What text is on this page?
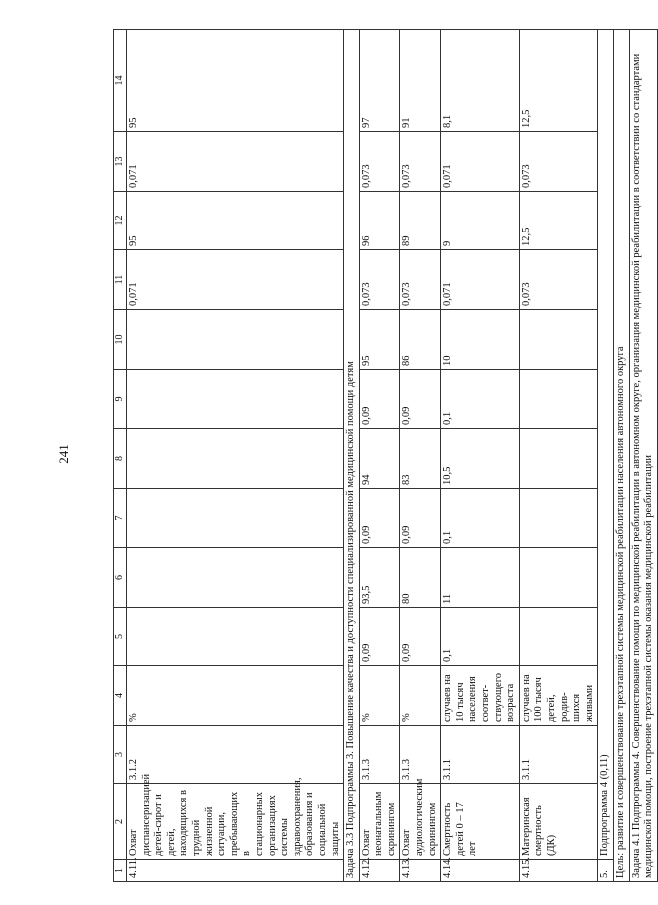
241
1	2	3	4	5	6	7	8	9	10	11	12	13	14
4.11.	Охват диспансеризацией детей-сирот и детей, находящихся в трудной жизненной ситуации, пребывающих в стационарных организациях системы здравоохранения, образования и социальной защиты	3.1.2	%							0,071	95	0,071	95
Задача 3.3 Подпрограммы 3. Повышение качества и доступности специализированной медицинской помощи детям													
4.12.	Охват неонатальным скринингом	3.1.3	%	0,09	93,5	0,09	94	0,09	95	0,073	96	0,073	97
4.13.	Охват аудиологическим скринингом	3.1.3	%	0,09	80	0,09	83	0,09	86	0,073	89	0,073	91
4.14.	Смертность детей 0 – 17 лет	3.1.1	случаев на 10 тысяч населения соответ-ствующего возраста	0,1	11	0,1	10,5	0,1	10	0,071	9	0,071	8,1
4.15.	Материнская смертность (ДК)	3.1.1	случаев на 100 тысяч детей, родив-шихся живыми							0,073	12,5	0,073	12,5
5.	Подпрограмма 4 (0,11)												
Цель: развитие и совершенствование трехэтапной системы медицинской реабилитации населения автономного округа													
Задача 4.1 Подпрограммы 4. Совершенствование помощи по медицинской реабилитации в автономном округе, организация медицинской реабилитации в соответствии со стандартами медицинской помощи, построение трехэтапной системы оказания медицинской реабилитации													
